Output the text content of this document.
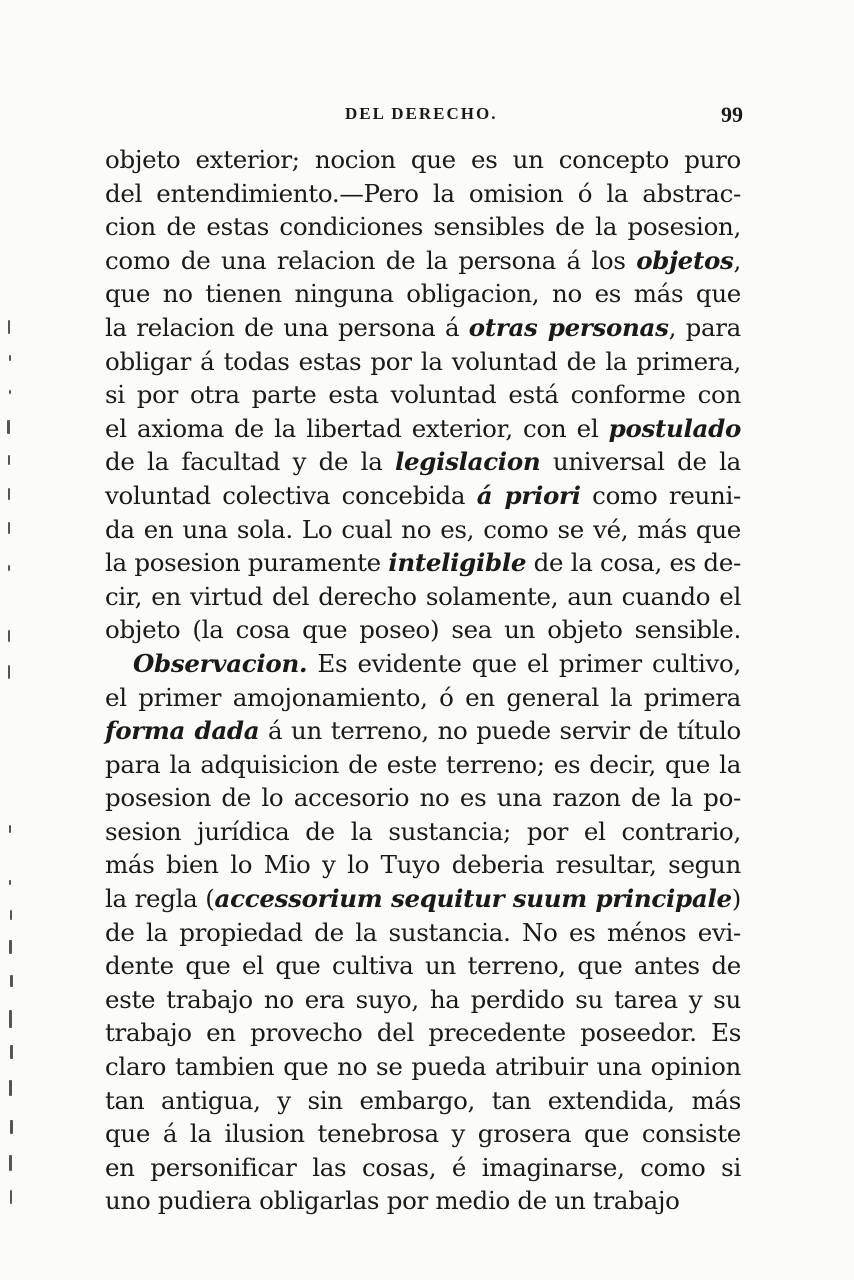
DEL DERECHO.	99
objeto exterior; nocion que es un concepto puro
del entendimiento.—Pero la omision ó la abstrac-
cion de estas condiciones sensibles de la posesion,
como de una relacion de la persona á los objetos,
que no tienen ninguna obligacion, no es más que
la relacion de una persona á otras personas, para
obligar á todas estas por la voluntad de la primera,
si por otra parte esta voluntad está conforme con
el axioma de la libertad exterior, con el postulado
de la facultad y de la legislacion universal de la
voluntad colectiva concebida á priori como reuni-
da en una sola. Lo cual no es, como se vé, más que
la posesion puramente inteligible de la cosa, es de-
cir, en virtud del derecho solamente, aun cuando el
objeto (la cosa que poseo) sea un objeto sensible.
Observacion. Es evidente que el primer cultivo,
el primer amojonamiento, ó en general la primera
forma dada á un terreno, no puede servir de título
para la adquisicion de este terreno; es decir, que la
posesion de lo accesorio no es una razon de la po-
sesion jurídica de la sustancia; por el contrario,
más bien lo Mio y lo Tuyo deberia resultar, segun
la regla (accessorium sequitur suum principale)
de la propiedad de la sustancia. No es ménos evi-
dente que el que cultiva un terreno, que antes de
este trabajo no era suyo, ha perdido su tarea y su
trabajo en provecho del precedente poseedor. Es
claro tambien que no se pueda atribuir una opinion
tan antigua, y sin embargo, tan extendida, más
que á la ilusion tenebrosa y grosera que consiste
en personificar las cosas, é imaginarse, como si
uno pudiera obligarlas por medio de un trabajo
